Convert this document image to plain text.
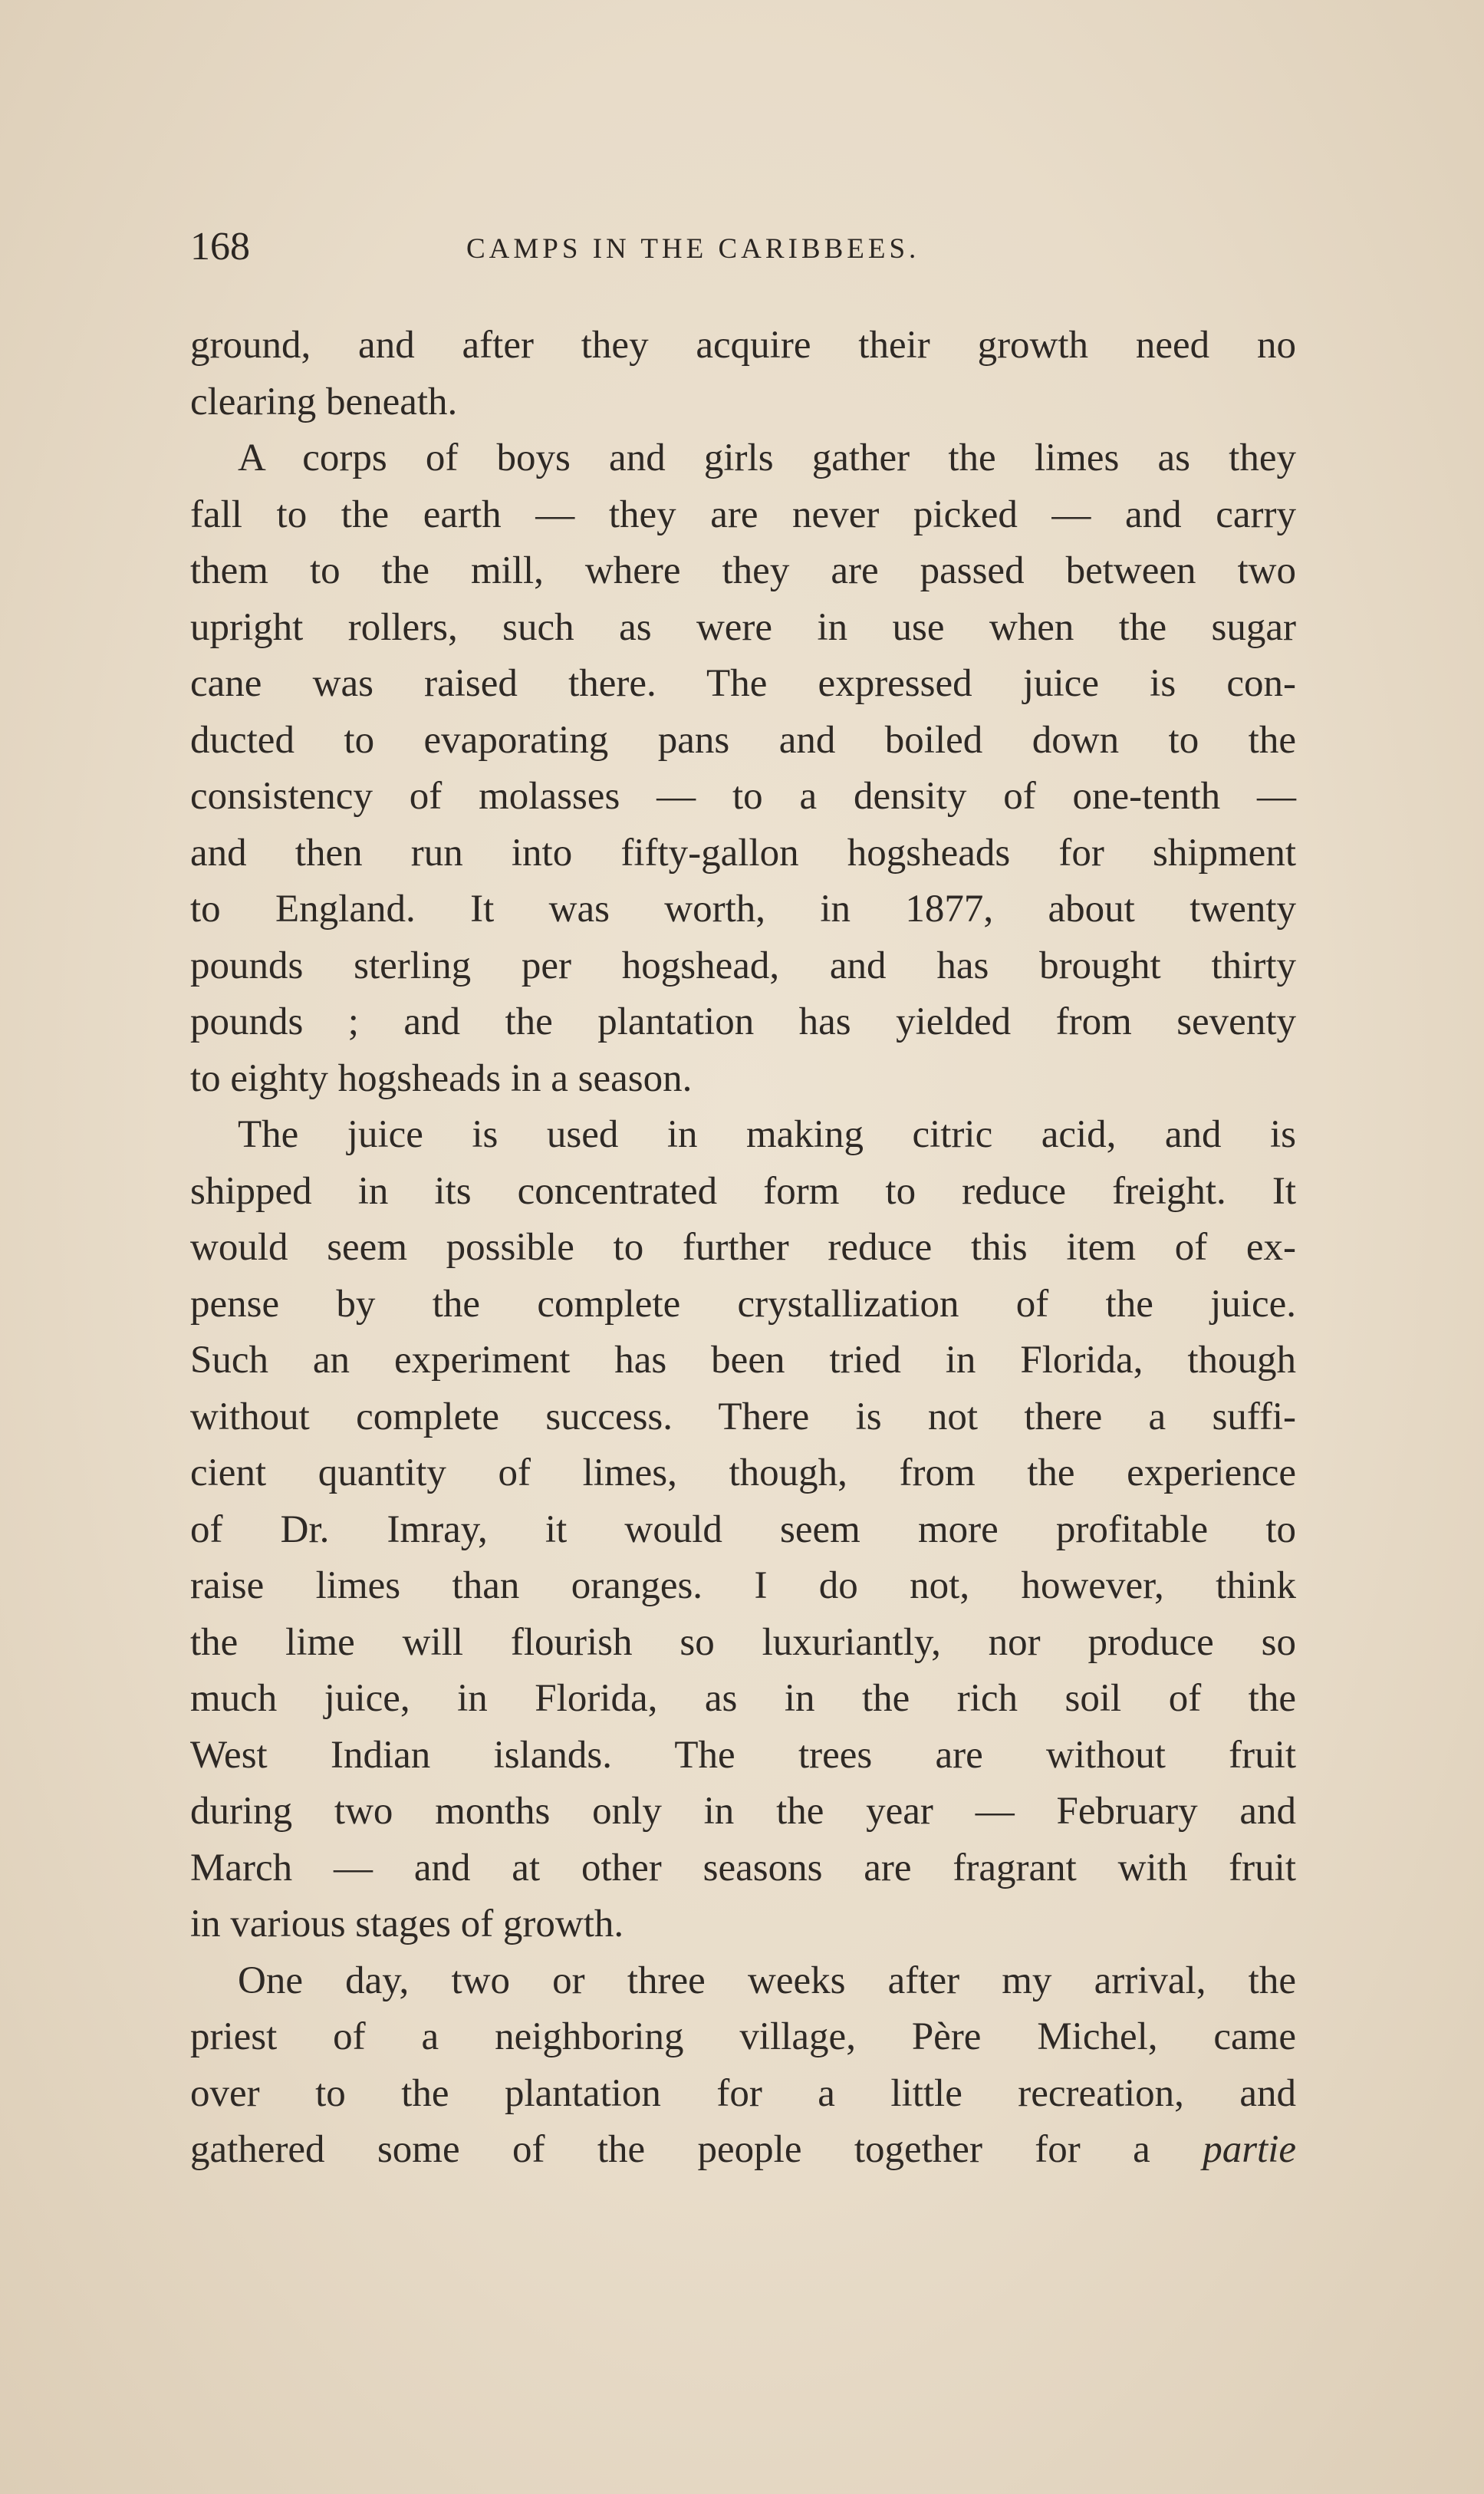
168	CAMPS IN THE CARIBBEES.
ground, and after they acquire their growth need no
clearing beneath.
A corps of boys and girls gather the limes as they
fall to the earth — they are never picked — and carry
them to the mill, where they are passed between two
upright rollers, such as were in use when the sugar
cane was raised there. The expressed juice is con-
ducted to evaporating pans and boiled down to the
consistency of molasses — to a density of one-tenth —
and then run into fifty-gallon hogsheads for shipment
to England. It was worth, in 1877, about twenty
pounds sterling per hogshead, and has brought thirty
pounds ; and the plantation has yielded from seventy
to eighty hogsheads in a season.
The juice is used in making citric acid, and is
shipped in its concentrated form to reduce freight. It
would seem possible to further reduce this item of ex-
pense by the complete crystallization of the juice.
Such an experiment has been tried in Florida, though
without complete success. There is not there a suffi-
cient quantity of limes, though, from the experience
of Dr. Imray, it would seem more profitable to
raise limes than oranges. I do not, however, think
the lime will flourish so luxuriantly, nor produce so
much juice, in Florida, as in the rich soil of the
West Indian islands. The trees are without fruit
during two months only in the year — February and
March — and at other seasons are fragrant with fruit
in various stages of growth.
One day, two or three weeks after my arrival, the
priest of a neighboring village, Père Michel, came
over to the plantation for a little recreation, and
gathered some of the people together for a partie
